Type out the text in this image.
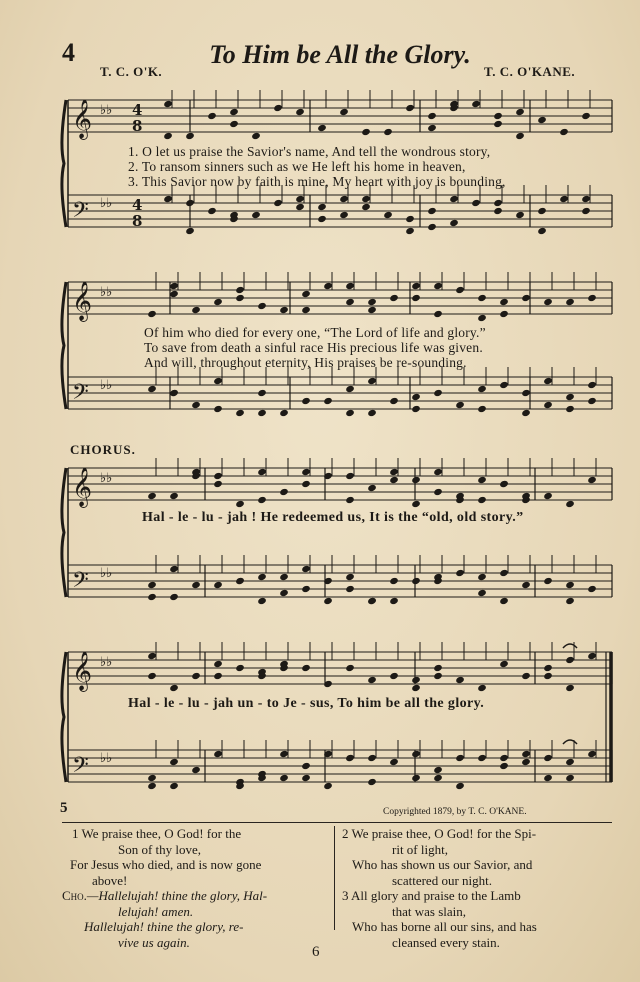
4	To Him be All the Glory.
T. C. O'K.	T. C. O'KANE.
𝄞
𝄢
♭♭
♭♭
4
8
4
8
𝄞
𝄢
♭♭
♭♭
𝄞
𝄢
♭♭
♭♭
𝄞
𝄢
♭♭
♭♭
1. O let us praise the Savior's name, And tell the wondrous story,
2. To ransom sinners such as we He left his home in heaven,
3. This Savior now by faith is mine, My heart with joy is bounding,
Of him who died for every one, “The Lord of life and glory.”
To save from death a sinful race His precious life was given.
And will, throughout eternity, His praises be re-sounding.
CHORUS.
Hal - le - lu - jah ! He redeemed us, It is the “old, old story.”
Hal - le - lu - jah un - to Je - sus, To him be all the glory.
5	Copyrighted 1879, by T. C. O'KANE.
1 We praise thee, O God! for the
Son of thy love,
For Jesus who died, and is now gone
above!
Cho.—Hallelujah! thine the glory, Hal-
lelujah! amen.
Hallelujah! thine the glory, re-
vive us again.
2 We praise thee, O God! for the Spi-
rit of light,
Who has shown us our Savior, and
scattered our night.
3 All glory and praise to the Lamb
that was slain,
Who has borne all our sins, and has
cleansed every stain.
6
